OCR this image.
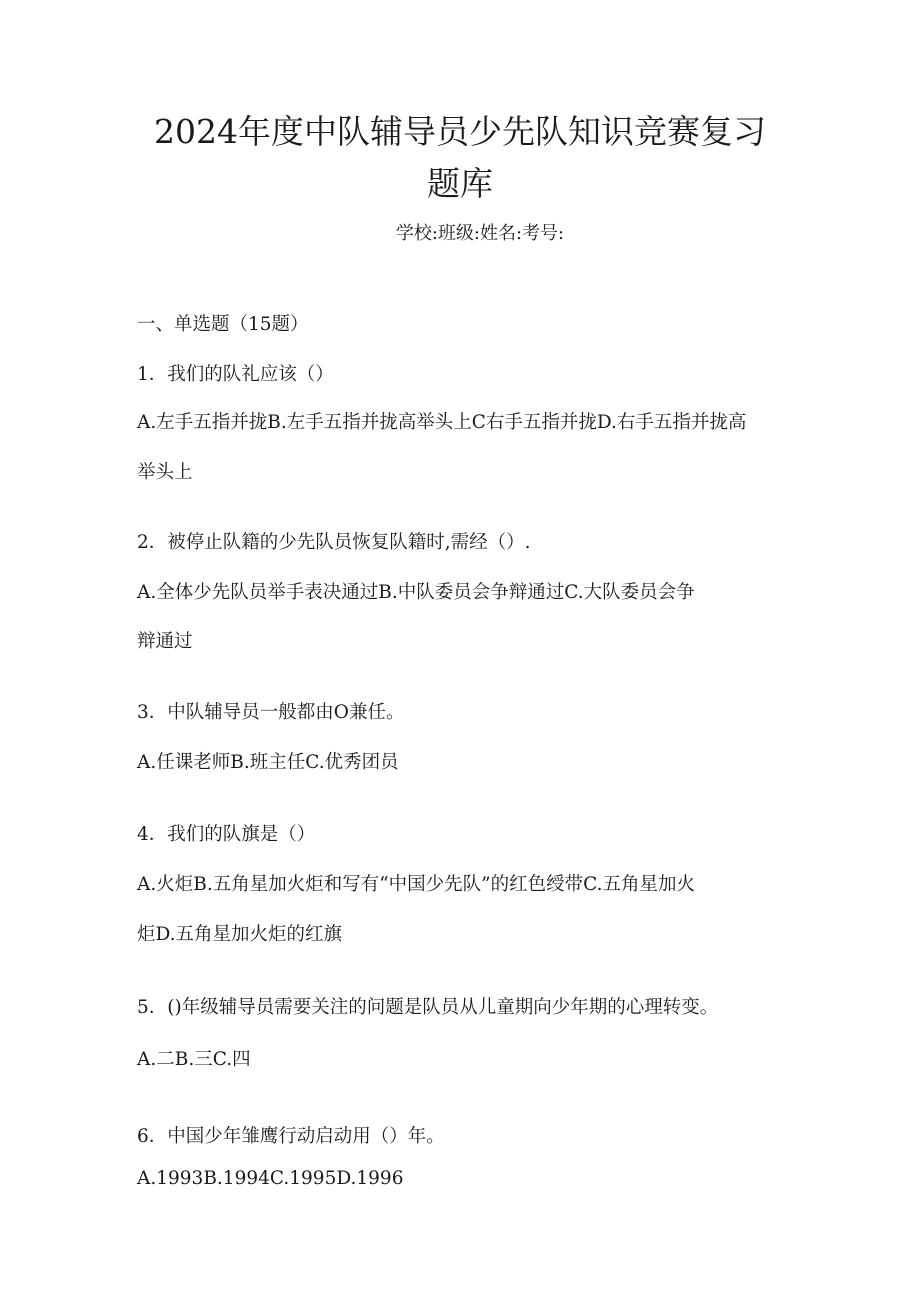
2024年度中队辅导员少先队知识竞赛复习
题库
学校:班级:姓名:考号:
一、单选题（15题）
1．我们的队礼应该（）
A.左手五指并拢B.左手五指并拢高举头上C右手五指并拢D.右手五指并拢高
举头上
2．被停止队籍的少先队员恢复队籍时,需经（）.
A.全体少先队员举手表决通过B.中队委员会争辩通过C.大队委员会争
辩通过
3．中队辅导员一般都由O兼任。
A.任课老师B.班主任C.优秀团员
4．我们的队旗是（）
A.火炬B.五角星加火炬和写有“中国少先队”的红色绶带C.五角星加火
炬D.五角星加火炬的红旗
5．()年级辅导员需要关注的问题是队员从儿童期向少年期的心理转变。
A.二B.三C.四
6．中国少年雏鹰行动启动用（）年。
A.1993B.1994C.1995D.1996
